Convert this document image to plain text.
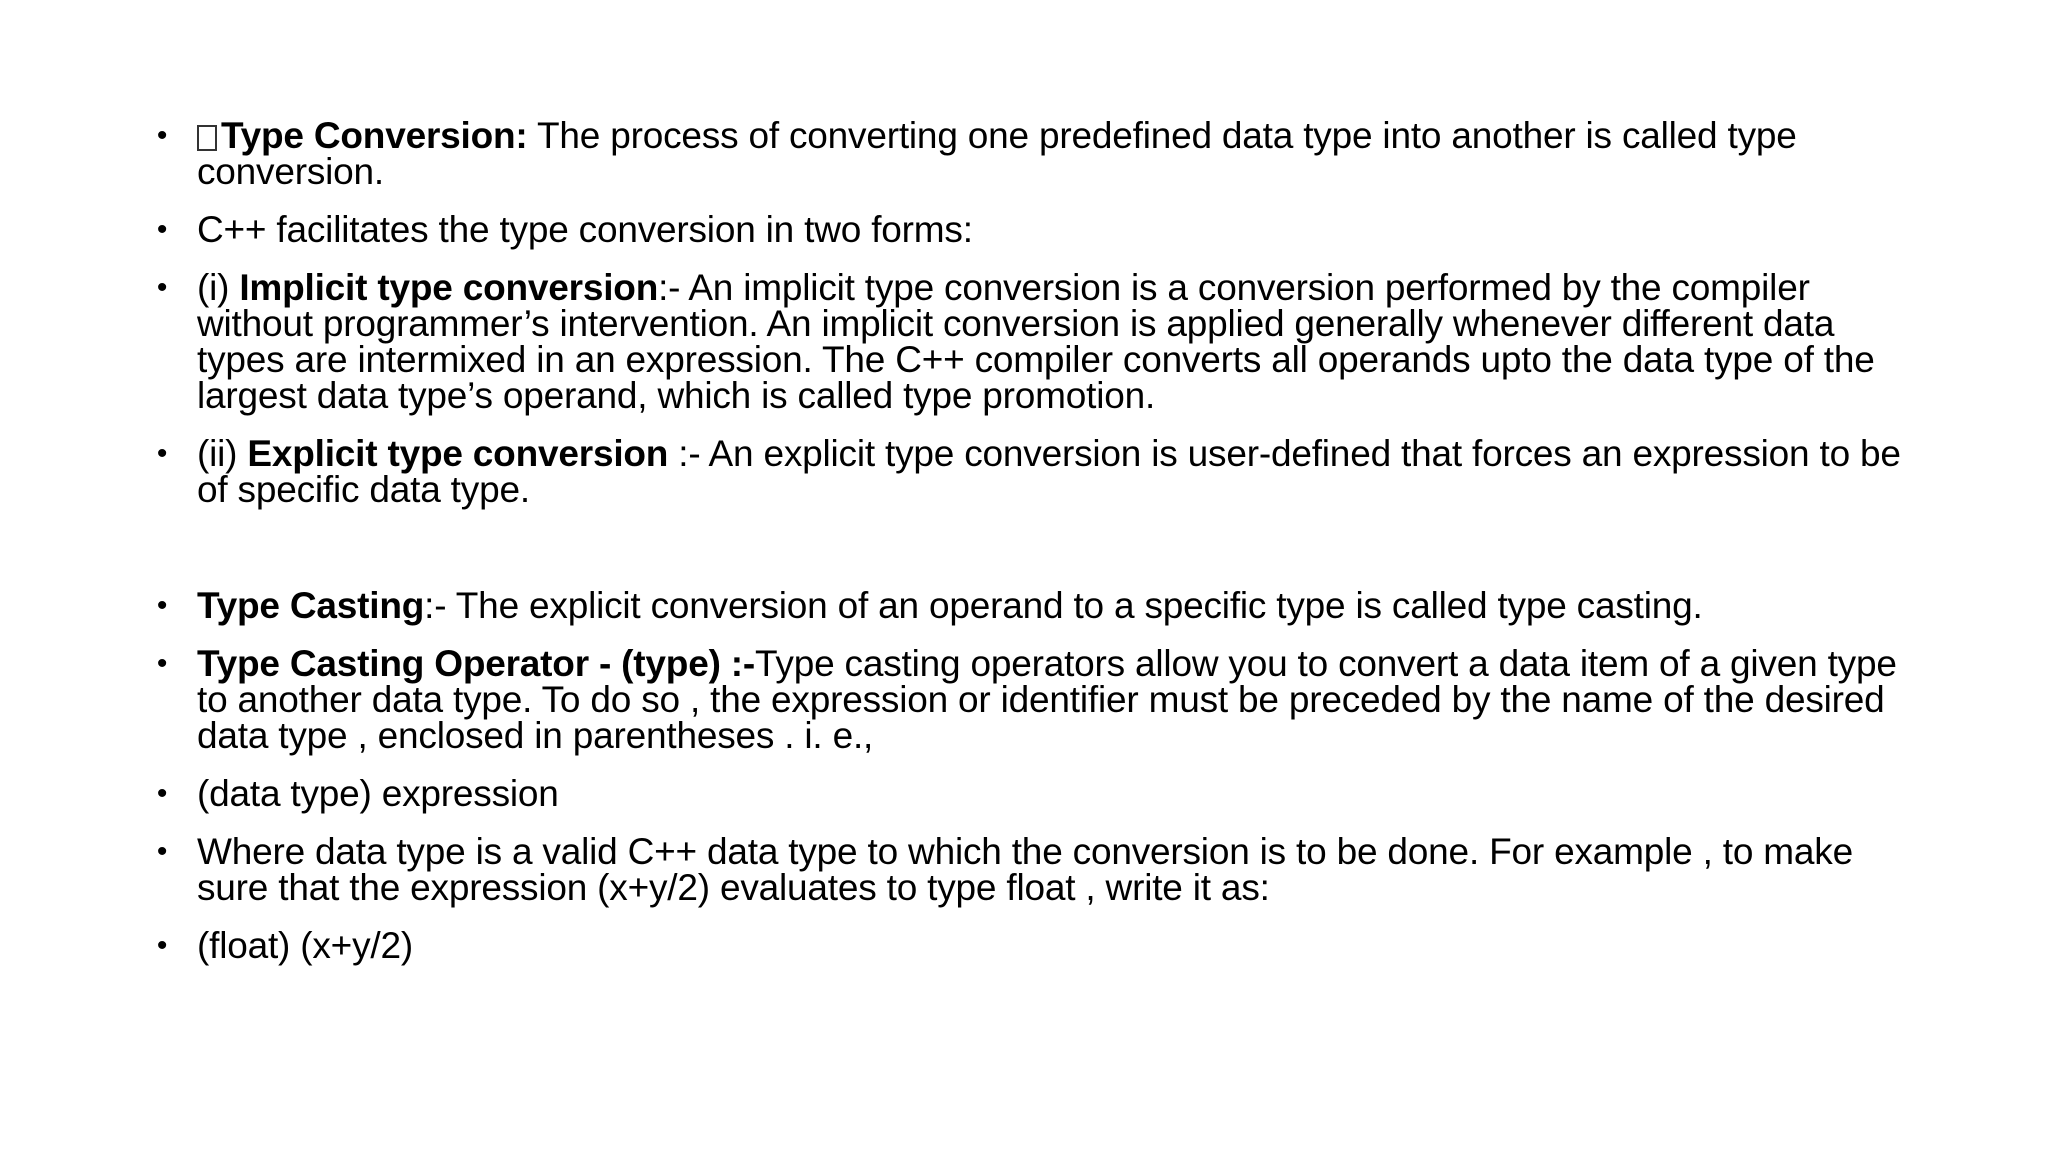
• Type Conversion: The process of converting one predefined data type into another is called type conversion.
• C++ facilitates the type conversion in two forms:
• (i) Implicit type conversion:- An implicit type conversion is a conversion performed by the compiler without programmer’s intervention. An implicit conversion is applied generally whenever different data types are intermixed in an expression. The C++ compiler converts all operands upto the data type of the largest data type’s operand, which is called type promotion.
• (ii) Explicit type conversion :- An explicit type conversion is user-defined that forces an expression to be of specific data type.
• Type Casting:- The explicit conversion of an operand to a specific type is called type casting.
• Type Casting Operator - (type) :-Type casting operators allow you to convert a data item of a given type to another data type. To do so , the expression or identifier must be preceded by the name of the desired data type , enclosed in parentheses . i. e.,
• (data type) expression
• Where data type is a valid C++ data type to which the conversion is to be done. For example , to make sure that the expression (x+y/2) evaluates to type float , write it as:
• (float) (x+y/2)
